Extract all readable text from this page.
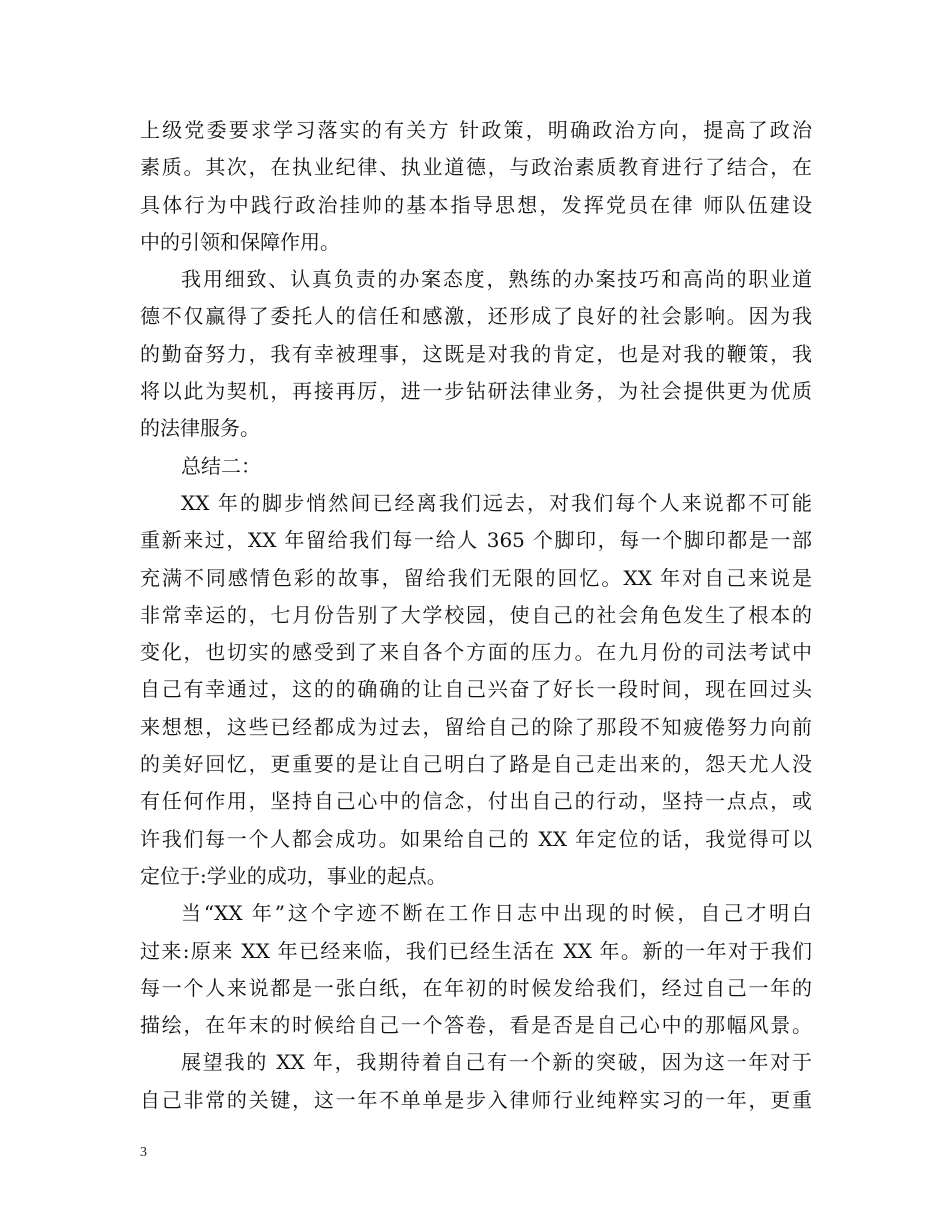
上级党委要求学习落实的有关方 针政策，明确政治方向，提高了政治
素质。其次，在执业纪律、执业道德，与政治素质教育进行了结合，在
具体行为中践行政治挂帅的基本指导思想，发挥党员在律 师队伍建设
中的引领和保障作用。
我用细致、认真负责的办案态度，熟练的办案技巧和高尚的职业道
德不仅赢得了委托人的信任和感激，还形成了良好的社会影响。因为我
的勤奋努力，我有幸被理事，这既是对我的肯定，也是对我的鞭策，我
将以此为契机，再接再厉，进一步钻研法律业务，为社会提供更为优质
的法律服务。
总结二：
XX 年的脚步悄然间已经离我们远去，对我们每个人来说都不可能
重新来过，XX 年留给我们每一给人 365 个脚印，每一个脚印都是一部
充满不同感情色彩的故事，留给我们无限的回忆。XX 年对自己来说是
非常幸运的，七月份告别了大学校园，使自己的社会角色发生了根本的
变化，也切实的感受到了来自各个方面的压力。在九月份的司法考试中
自己有幸通过，这的的确确的让自己兴奋了好长一段时间，现在回过头
来想想，这些已经都成为过去，留给自己的除了那段不知疲倦努力向前
的美好回忆，更重要的是让自己明白了路是自己走出来的，怨天尤人没
有任何作用，坚持自己心中的信念，付出自己的行动，坚持一点点，或
许我们每一个人都会成功。如果给自己的 XX 年定位的话，我觉得可以
定位于:学业的成功，事业的起点。
当“XX 年”这个字迹不断在工作日志中出现的时候，自己才明白
过来:原来 XX 年已经来临，我们已经生活在 XX 年。新的一年对于我们
每一个人来说都是一张白纸，在年初的时候发给我们，经过自己一年的
描绘，在年末的时候给自己一个答卷，看是否是自己心中的那幅风景。
展望我的 XX 年，我期待着自己有一个新的突破，因为这一年对于
自己非常的关键，这一年不单单是步入律师行业纯粹实习的一年，更重
3
